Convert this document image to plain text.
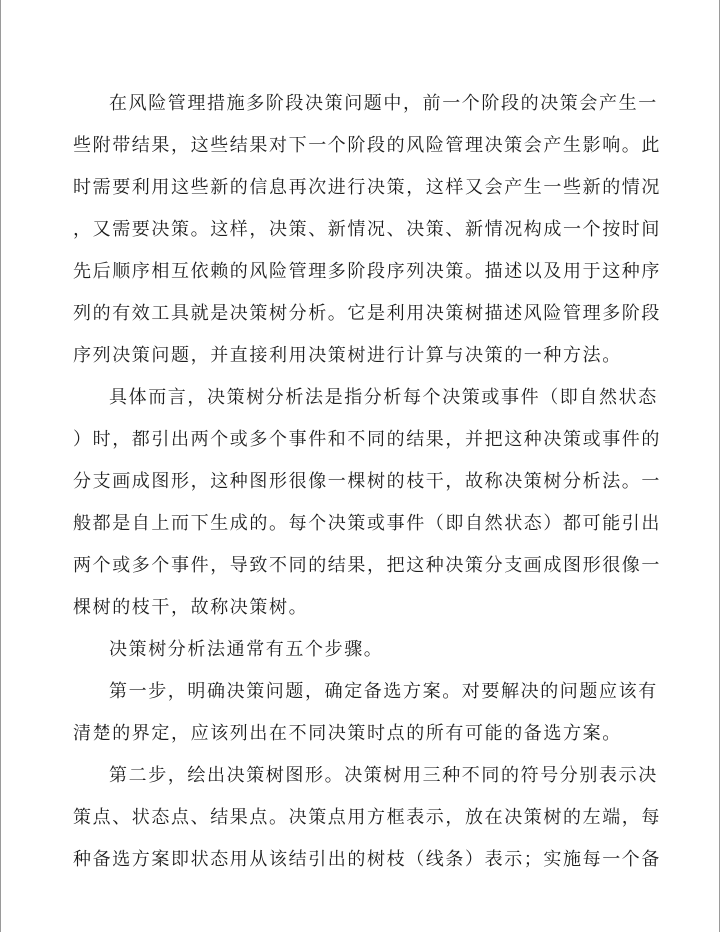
在风险管理措施多阶段决策问题中，前一个阶段的决策会产生一
些附带结果，这些结果对下一个阶段的风险管理决策会产生影响。此
时需要利用这些新的信息再次进行决策，这样又会产生一些新的情况
，又需要决策。这样，决策、新情况、决策、新情况构成一个按时间
先后顺序相互依赖的风险管理多阶段序列决策。描述以及用于这种序
列的有效工具就是决策树分析。它是利用决策树描述风险管理多阶段
序列决策问题，并直接利用决策树进行计算与决策的一种方法。
具体而言，决策树分析法是指分析每个决策或事件（即自然状态
）时，都引出两个或多个事件和不同的结果，并把这种决策或事件的
分支画成图形，这种图形很像一棵树的枝干，故称决策树分析法。一
般都是自上而下生成的。每个决策或事件（即自然状态）都可能引出
两个或多个事件，导致不同的结果，把这种决策分支画成图形很像一
棵树的枝干，故称决策树。
决策树分析法通常有五个步骤。
第一步，明确决策问题，确定备选方案。对要解决的问题应该有
清楚的界定，应该列出在不同决策时点的所有可能的备选方案。
第二步，绘出决策树图形。决策树用三种不同的符号分别表示决
策点、状态点、结果点。决策点用方框表示，放在决策树的左端，每
种备选方案即状态用从该结引出的树枝（线条）表示；实施每一个备
